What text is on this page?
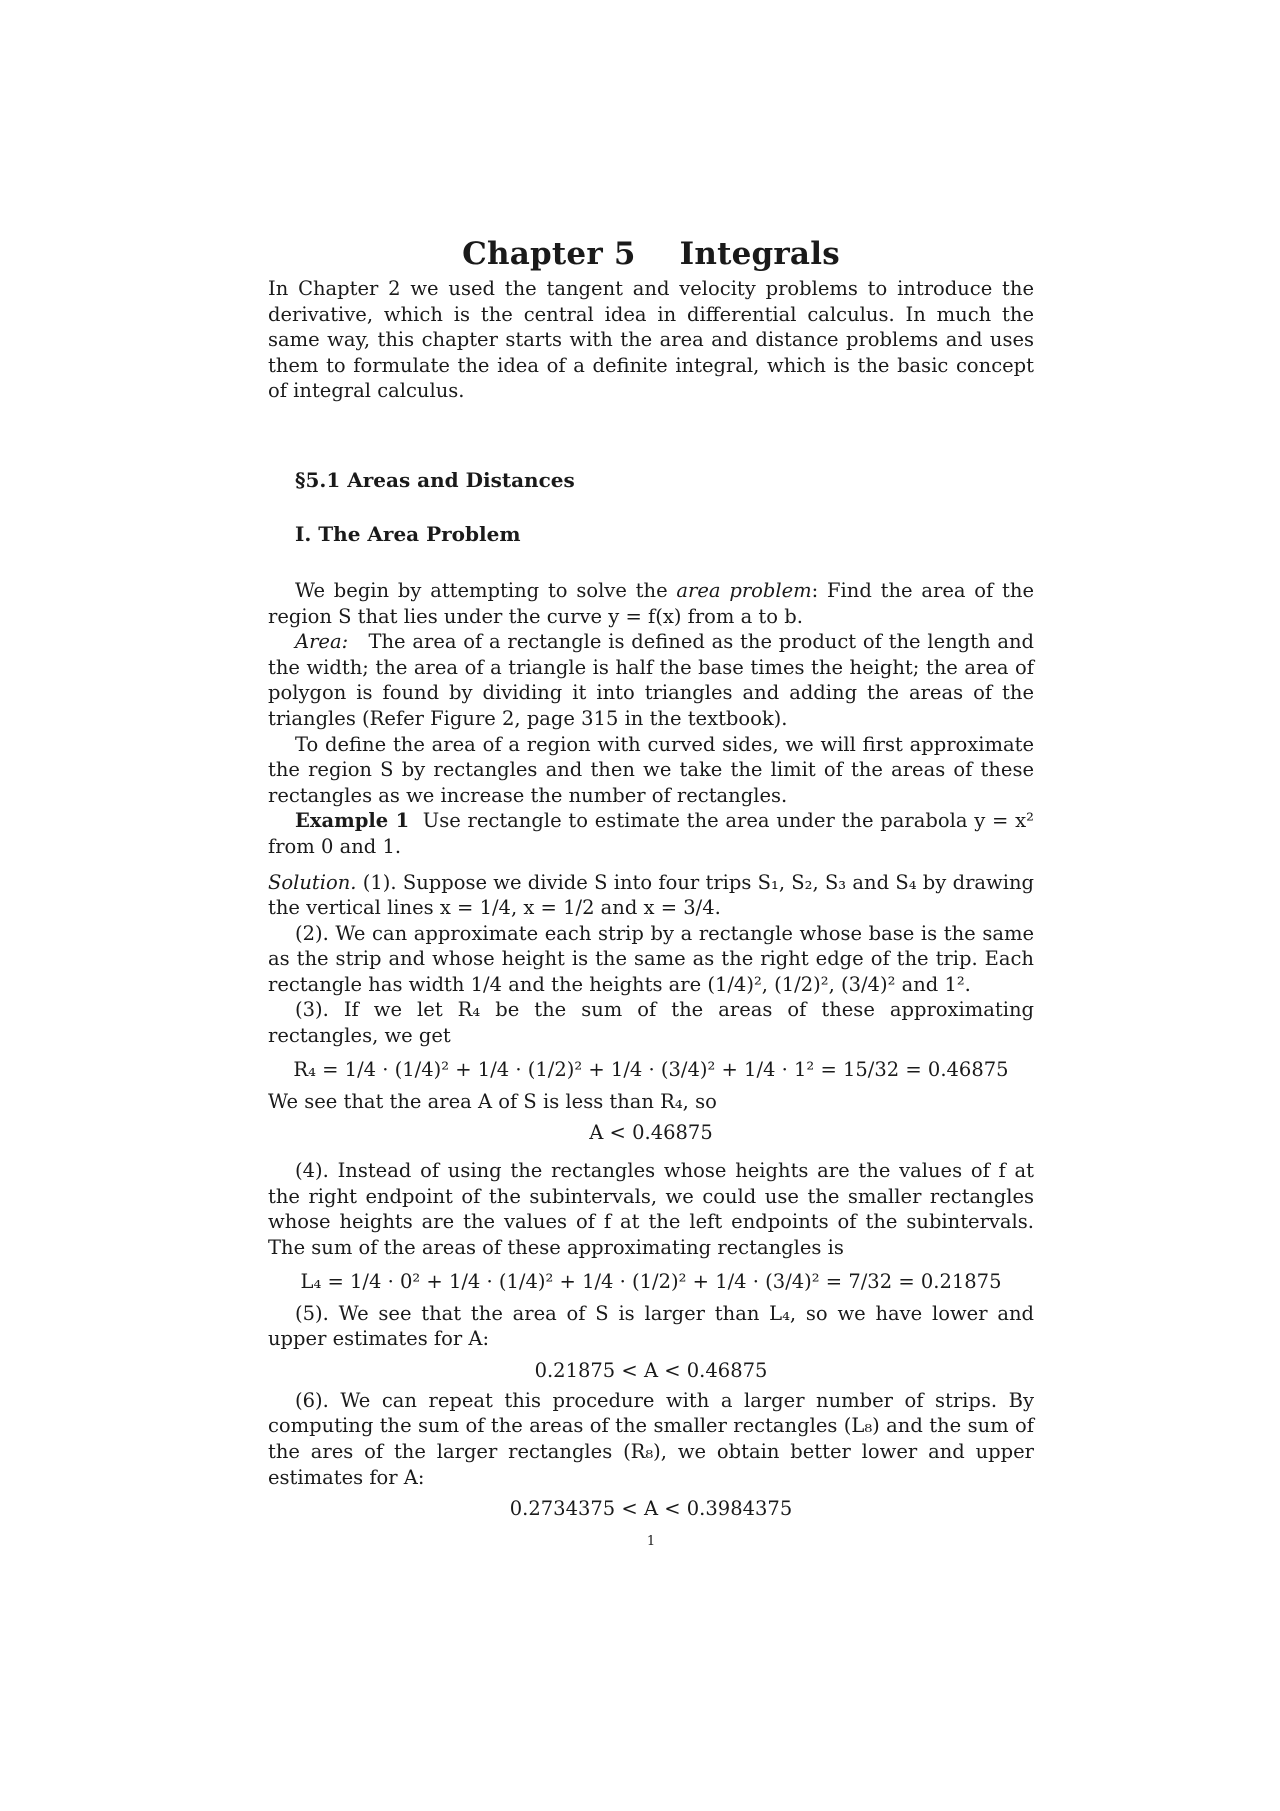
Chapter 5 Integrals

In Chapter 2 we used the tangent and velocity problems to introduce the derivative, which is the central idea in differential calculus. In much the same way, this chapter starts with the area and distance problems and uses them to formulate the idea of a definite integral, which is the basic concept of integral calculus.

§5.1 Areas and Distances
I. The Area Problem

We begin by attempting to solve the area problem: Find the area of the region S that lies under the curve y = f(x) from a to b.

Area: The area of a rectangle is defined as the product of the length and the width; the area of a triangle is half the base times the height; the area of polygon is found by dividing it into triangles and adding the areas of the triangles (Refer Figure 2, page 315 in the textbook).

To define the area of a region with curved sides, we will first approximate the region S by rectangles and then we take the limit of the areas of these rectangles as we increase the number of rectangles.

Example 1 Use rectangle to estimate the area under the parabola y = x² from 0 and 1.

Solution. (1). Suppose we divide S into four trips S₁, S₂, S₃ and S₄ by drawing the vertical lines x = 1/4, x = 1/2 and x = 3/4.

(2). We can approximate each strip by a rectangle whose base is the same as the strip and whose height is the same as the right edge of the trip. Each rectangle has width 1/4 and the heights are (1/4)², (1/2)², (3/4)² and 1².

(3). If we let R₄ be the sum of the areas of these approximating rectangles, we get

R₄ = 1/4 · (1/4)² + 1/4 · (1/2)² + 1/4 · (3/4)² + 1/4 · 1² = 15/32 = 0.46875

We see that the area A of S is less than R₄, so

A < 0.46875

(4). Instead of using the rectangles whose heights are the values of f at the right endpoint of the subintervals, we could use the smaller rectangles whose heights are the values of f at the left endpoints of the subintervals. The sum of the areas of these approximating rectangles is

L₄ = 1/4 · 0² + 1/4 · (1/4)² + 1/4 · (1/2)² + 1/4 · (3/4)² = 7/32 = 0.21875

(5). We see that the area of S is larger than L₄, so we have lower and upper estimates for A:

0.21875 < A < 0.46875

(6). We can repeat this procedure with a larger number of strips. By computing the sum of the areas of the smaller rectangles (L₈) and the sum of the ares of the larger rectangles (R₈), we obtain better lower and upper estimates for A:

0.2734375 < A < 0.3984375
1
